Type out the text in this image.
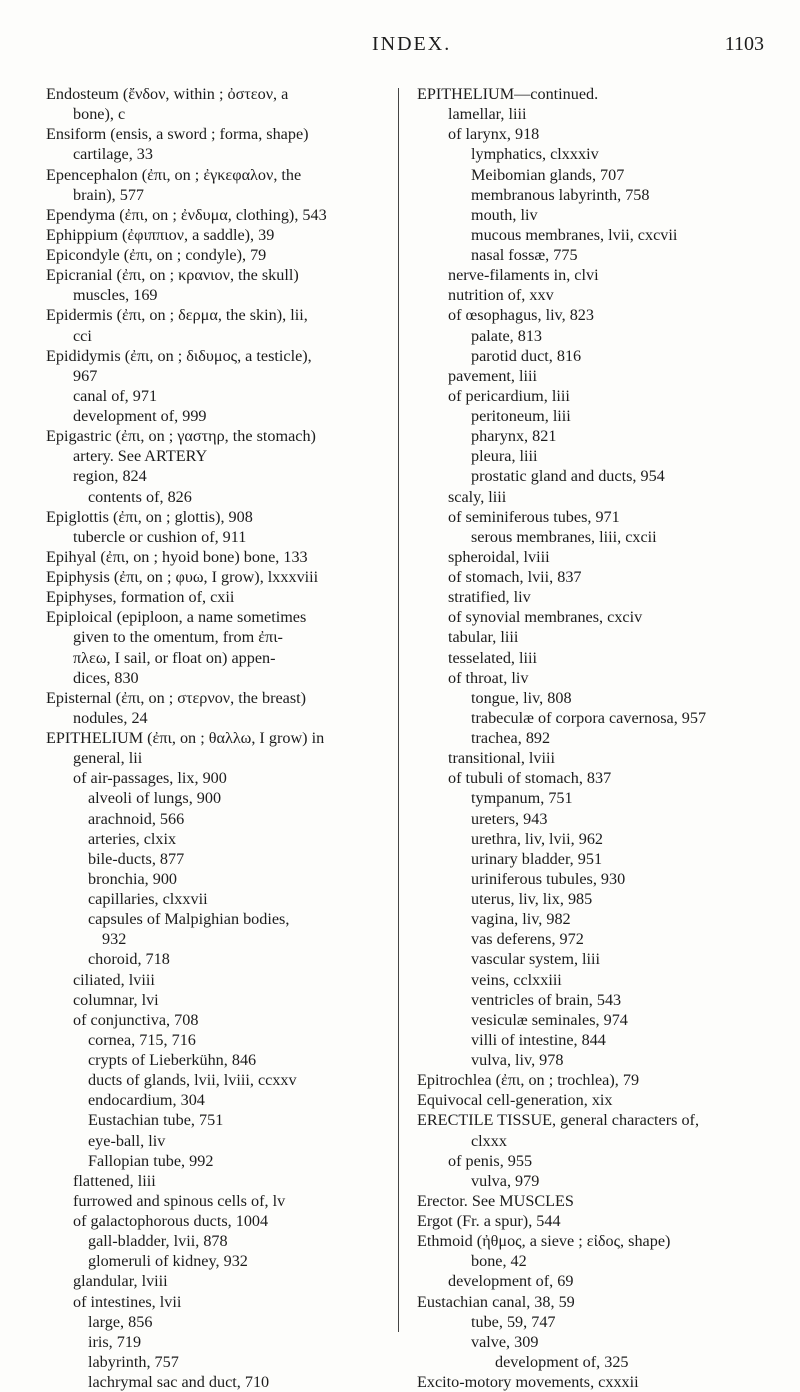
INDEX.	1103
Endosteum (ἔνδον, within ; ὀστεον, a
bone), c
Ensiform (ensis, a sword ; forma, shape)
cartilage, 33
Epencephalon (ἐπι, on ; ἐγκεφαλον, the
brain), 577
Ependyma (ἐπι, on ; ἐνδυμα, clothing), 543
Ephippium (ἐφιππιον, a saddle), 39
Epicondyle (ἐπι, on ; condyle), 79
Epicranial (ἐπι, on ; κρανιον, the skull)
muscles, 169
Epidermis (ἐπι, on ; δερμα, the skin), lii,
cci
Epididymis (ἐπι, on ; διδυμος, a testicle),
967
canal of, 971
development of, 999
Epigastric (ἐπι, on ; γαστηρ, the stomach)
artery. See ARTERY
region, 824
contents of, 826
Epiglottis (ἐπι, on ; glottis), 908
tubercle or cushion of, 911
Epihyal (ἐπι, on ; hyoid bone) bone, 133
Epiphysis (ἐπι, on ; φυω, I grow), lxxxviii
Epiphyses, formation of, cxii
Epiploical (epiploon, a name sometimes
given to the omentum, from ἐπι-
πλεω, I sail, or float on) appen-
dices, 830
Episternal (ἐπι, on ; στερνον, the breast)
nodules, 24
EPITHELIUM (ἐπι, on ; θαλλω, I grow) in
general, lii
of air-passages, lix, 900
alveoli of lungs, 900
arachnoid, 566
arteries, clxix
bile-ducts, 877
bronchia, 900
capillaries, clxxvii
capsules of Malpighian bodies,
932
choroid, 718
ciliated, lviii
columnar, lvi
of conjunctiva, 708
cornea, 715, 716
crypts of Lieberkühn, 846
ducts of glands, lvii, lviii, ccxxv
endocardium, 304
Eustachian tube, 751
eye-ball, liv
Fallopian tube, 992
flattened, liii
furrowed and spinous cells of, lv
of galactophorous ducts, 1004
gall-bladder, lvii, 878
glomeruli of kidney, 932
glandular, lviii
of intestines, lvii
large, 856
iris, 719
labyrinth, 757
lachrymal sac and duct, 710
EPITHELIUM—continued.
lamellar, liii
of larynx, 918
lymphatics, clxxxiv
Meibomian glands, 707
membranous labyrinth, 758
mouth, liv
mucous membranes, lvii, cxcvii
nasal fossæ, 775
nerve-filaments in, clvi
nutrition of, xxv
of œsophagus, liv, 823
palate, 813
parotid duct, 816
pavement, liii
of pericardium, liii
peritoneum, liii
pharynx, 821
pleura, liii
prostatic gland and ducts, 954
scaly, liii
of seminiferous tubes, 971
serous membranes, liii, cxcii
spheroidal, lviii
of stomach, lvii, 837
stratified, liv
of synovial membranes, cxciv
tabular, liii
tesselated, liii
of throat, liv
tongue, liv, 808
trabeculæ of corpora cavernosa, 957
trachea, 892
transitional, lviii
of tubuli of stomach, 837
tympanum, 751
ureters, 943
urethra, liv, lvii, 962
urinary bladder, 951
uriniferous tubules, 930
uterus, liv, lix, 985
vagina, liv, 982
vas deferens, 972
vascular system, liii
veins, cclxxiii
ventricles of brain, 543
vesiculæ seminales, 974
villi of intestine, 844
vulva, liv, 978
Epitrochlea (ἐπι, on ; trochlea), 79
Equivocal cell-generation, xix
ERECTILE TISSUE, general characters of,
clxxx
of penis, 955
vulva, 979
Erector. See MUSCLES
Ergot (Fr. a spur), 544
Ethmoid (ἠθμος, a sieve ; εἰδος, shape)
bone, 42
development of, 69
Eustachian canal, 38, 59
tube, 59, 747
valve, 309
development of, 325
Excito-motory movements, cxxxii
